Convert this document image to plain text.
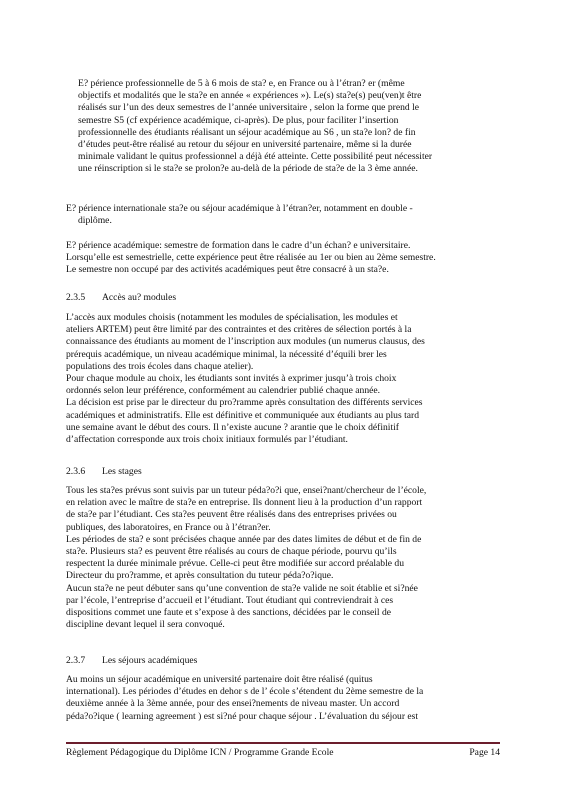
E? périence professionnelle de 5 à 6 mois de sta? e, en France ou à l’étran? er (même

objectifs et modalités que le sta?e en année « expériences »). Le(s) sta?e(s) peu(ven)t être

réalisés sur l’un des deux semestres de l’année universitaire , selon la forme que prend le

semestre S5 (cf expérience académique, ci-après). De plus, pour faciliter l’insertion

professionnelle des étudiants réalisant un séjour académique au S6 , un sta?e lon? de fin

d’études peut-être réalisé au retour du séjour en université partenaire, même si la durée

minimale validant le quitus professionnel a déjà été atteinte. Cette possibilité peut nécessiter

une réinscription si le sta?e se prolon?e au-delà de la période de sta?e de la 3 ème année.

E? périence internationale sta?e ou séjour académique à l’étran?er, notamment en double -

diplôme.

E? périence académique: semestre de formation dans le cadre d’un échan? e universitaire.

Lorsqu’elle est semestrielle, cette expérience peut être réalisée au 1er ou bien au 2ème semestre.

Le semestre non occupé par des activités académiques peut être consacré à un sta?e.

2.3.5 Accès au? modules

L’accès aux modules choisis (notamment les modules de spécialisation, les modules et

ateliers ARTEM) peut être limité par des contraintes et des critères de sélection portés à la

connaissance des étudiants au moment de l’inscription aux modules (un numerus clausus, des

prérequis académique, un niveau académique minimal, la nécessité d’équili brer les

populations des trois écoles dans chaque atelier).

Pour chaque module au choix, les étudiants sont invités à exprimer jusqu’à trois choix

ordonnés selon leur préférence, conformément au calendrier publié chaque année.

La décision est prise par le directeur du pro?ramme après consultation des différents services

académiques et administratifs. Elle est définitive et communiquée aux étudiants au plus tard

une semaine avant le début des cours. Il n’existe aucune ? arantie que le choix définitif

d’affectation corresponde aux trois choix initiaux formulés par l’étudiant.

2.3.6 Les stages

Tous les sta?es prévus sont suivis par un tuteur péda?o?i que, ensei?nant/chercheur de l’école,

en relation avec le maître de sta?e en entreprise. Ils donnent lieu à la production d’un rapport

de sta?e par l’étudiant. Ces sta?es peuvent être réalisés dans des entreprises privées ou

publiques, des laboratoires, en France ou à l’étran?er.

Les périodes de sta? e sont précisées chaque année par des dates limites de début et de fin de

sta?e. Plusieurs sta? es peuvent être réalisés au cours de chaque période, pourvu qu’ils

respectent la durée minimale prévue. Celle-ci peut être modifiée sur accord préalable du

Directeur du pro?ramme, et après consultation du tuteur péda?o?ique.

Aucun sta?e ne peut débuter sans qu’une convention de sta?e valide ne soit établie et si?née

par l’école, l’entreprise d’accueil et l’étudiant. Tout étudiant qui contreviendrait à ces

dispositions commet une faute et s’expose à des sanctions, décidées par le conseil de

discipline devant lequel il sera convoqué.

2.3.7 Les séjours académiques

Au moins un séjour académique en université partenaire doit être réalisé (quitus

international). Les périodes d’études en dehor s de l’ école s’étendent du 2ème semestre de la

deuxième année à la 3ème année, pour des ensei?nements de niveau master. Un accord

péda?o?ique ( learning agreement ) est si?né pour chaque séjour . L’évaluation du séjour est

Règlement Pédagogique du Diplôme ICN / Programme Grande Ecole	Page 14
